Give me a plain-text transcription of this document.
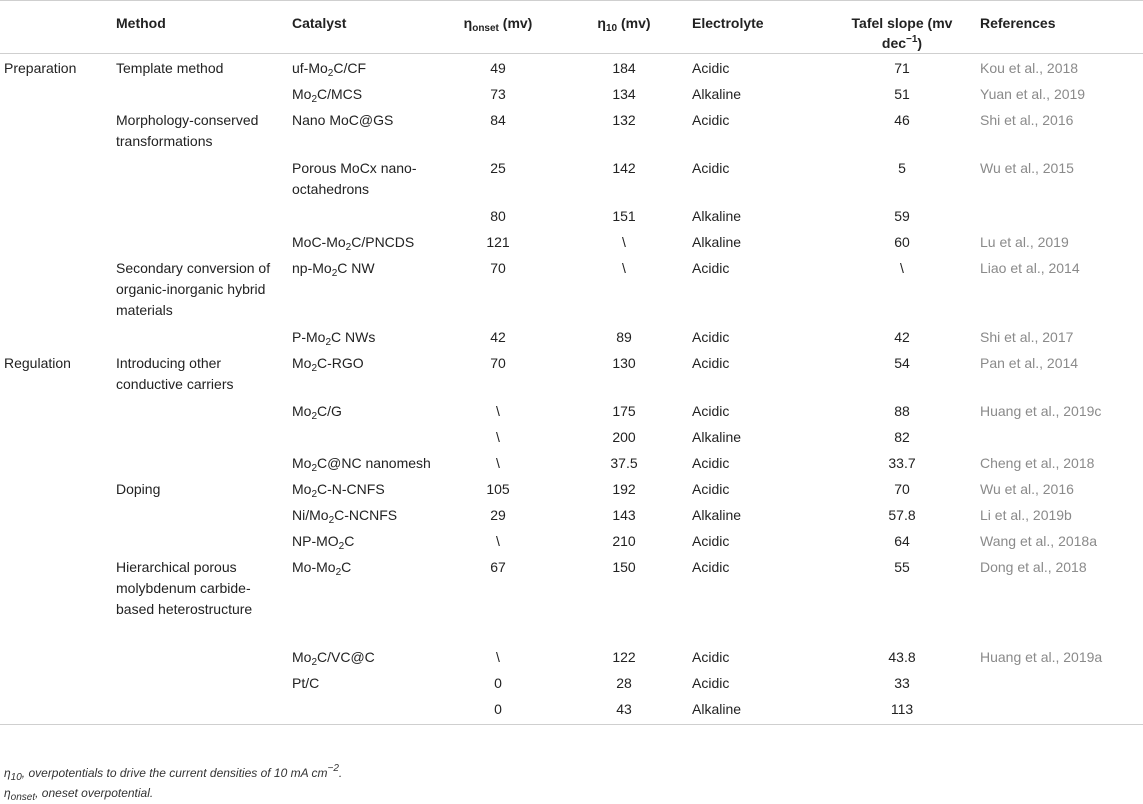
	Method	Catalyst	$\eta_{onset}$ (mv)	$\eta_{10}$ (mv)	Electrolyte	Tafel slope (mv
dec$^{-1}$)	References
Preparation	Template method	$uf-Mo_2C/CF$	49	184	Acidic	71	Kou et al., 2018
		$Mo_2C$/MCS	73	134	Alkaline	51	Yuan et al., 2019
	Morphology-conserved transformations	Nano MoC@GS	84	132	Acidic	46	Shi et al., 2016
		Porous MoCx nano-octahedrons	25	142	Acidic	5	Wu et al., 2015
			80	151	Alkaline	59	
		MoC-$Mo_2C$/PNCDS	121	\	Alkaline	60	Lu et al., 2019
	Secondary conversion of organic-inorganic hybrid materials	$np-Mo_2C$ NW	70	\	Acidic	\	Liao et al., 2014
		$P-Mo_2C$ NWs	42	89	Acidic	42	Shi et al., 2017
Regulation	Introducing other conductive carriers	$Mo_2C$-RGO	70	130	Acidic	54	Pan et al., 2014
		$Mo_2C/G$	\	175	Acidic	88	Huang et al., 2019c
			\	200	Alkaline	82	
		$Mo_2C@NC$ nanomesh	\	37.5	Acidic	33.7	Cheng et al., 2018
	Doping	$Mo_2C-N$-CNFS	105	192	Acidic	70	Wu et al., 2016
		$Ni/Mo_2C$-NCNFS	29	143	Alkaline	57.8	Li et al., 2019b
		$NP-MO_2C$	\	210	Acidic	64	Wang et al., 2018a
	Hierarchical porous molybdenum carbide-based heterostructure	$Mo-Mo_2C$	67	150	Acidic	55	Dong et al., 2018
		$Mo_2C/VC@C$	\	122	Acidic	43.8	Huang et al., 2019a
		Pt/C	0	28	Acidic	33	
			0	43	Alkaline	113	
$\eta_{10}$, overpotentials to drive the current densities of 10 mA $cm^{-2}$.
$\eta_{onset}$, oneset overpotential.
